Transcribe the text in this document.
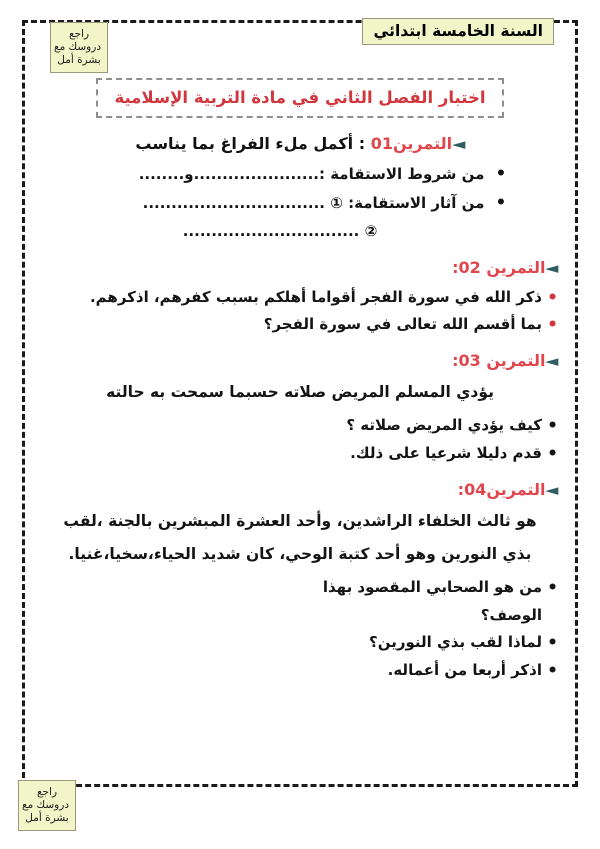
راجع
دروسك مع
بشرة أمل
السنة الخامسة ابتدائي
اختبار الفصل الثاني في مادة التربية الإسلامية
◄التمرين01 : أكمل ملء الفراغ بما يناسب
• من شروط الاستقامة :......................و........
• من آثار الاستقامة: ① ................................
② ...............................
◄التمرين 02:
• ذكر الله في سورة الفجر أقواما أهلكم بسبب كفرهم، اذكرهم.
• بما أقسم الله تعالى في سورة الفجر؟
◄التمرين 03:
يؤدي المسلم المريض صلاته حسبما سمحت به حالته
• كيف يؤدي المريض صلاته ؟
• قدم دليلا شرعيا على ذلك.
◄التمرين04:
هو ثالث الخلفاء الراشدين، وأحد العشرة المبشرين بالجنة ،لقب
بذي النورين وهو أحد كتبة الوحي، كان شديد الحياء،سخيا،غنيا.
• من هو الصحابي المقصود بهذا الوصف؟
• لماذا لقب بذي النورين؟
• اذكر أربعا من أعماله.
راجع
دروسك مع
بشرة أمل
